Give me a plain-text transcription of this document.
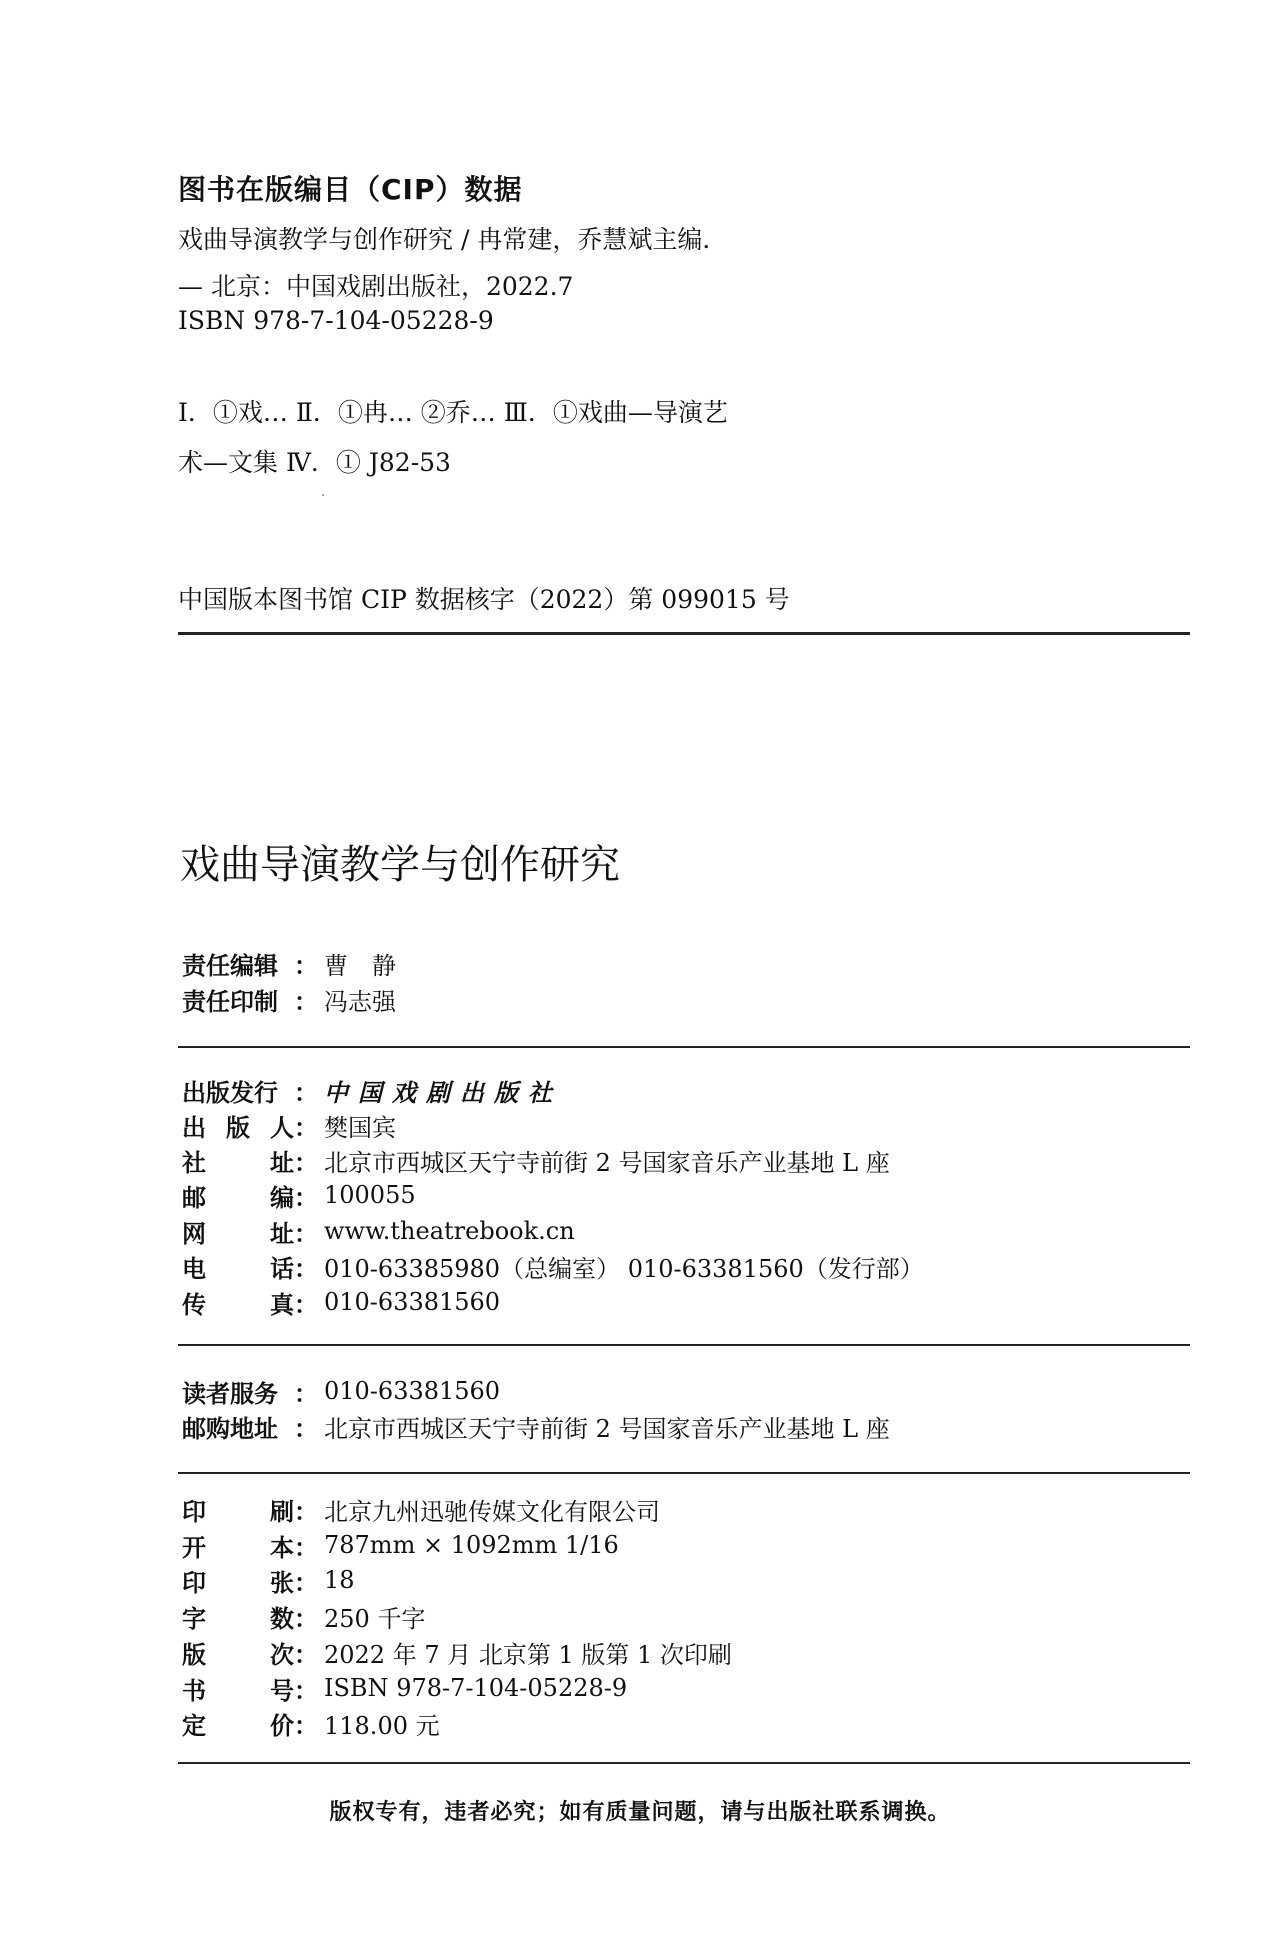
图书在版编目（CIP）数据
戏曲导演教学与创作研究 / 冉常建，乔慧斌主编．
— 北京：中国戏剧出版社，2022.7
ISBN 978-7-104-05228-9
Ⅰ．①戏… Ⅱ．①冉… ②乔… Ⅲ．①戏曲—导演艺
术—文集 Ⅳ．① J82-53
中国版本图书馆 CIP 数据核字（2022）第 099015 号
戏曲导演教学与创作研究
责任编辑 ： 曹　静
责任印制 ： 冯志强
出版发行 ： 中国戏剧出版社
出 版 人 ： 樊国宾
社	址 ： 北京市西城区天宁寺前街 2 号国家音乐产业基地 L 座
邮	编 ： 100055
网	址 ： www.theatrebook.cn
电	话 ： 010-63385980（总编室） 010-63381560（发行部）
传	真 ： 010-63381560
读者服务 ： 010-63381560
邮购地址 ： 北京市西城区天宁寺前街 2 号国家音乐产业基地 L 座
印	刷 ： 北京九州迅驰传媒文化有限公司
开	本 ： 787mm × 1092mm 1/16
印	张 ： 18
字	数 ： 250 千字
版	次 ： 2022 年 7 月 北京第 1 版第 1 次印刷
书	号 ： ISBN 978-7-104-05228-9
定	价 ： 118.00 元
版权专有，违者必究；如有质量问题，请与出版社联系调换。
